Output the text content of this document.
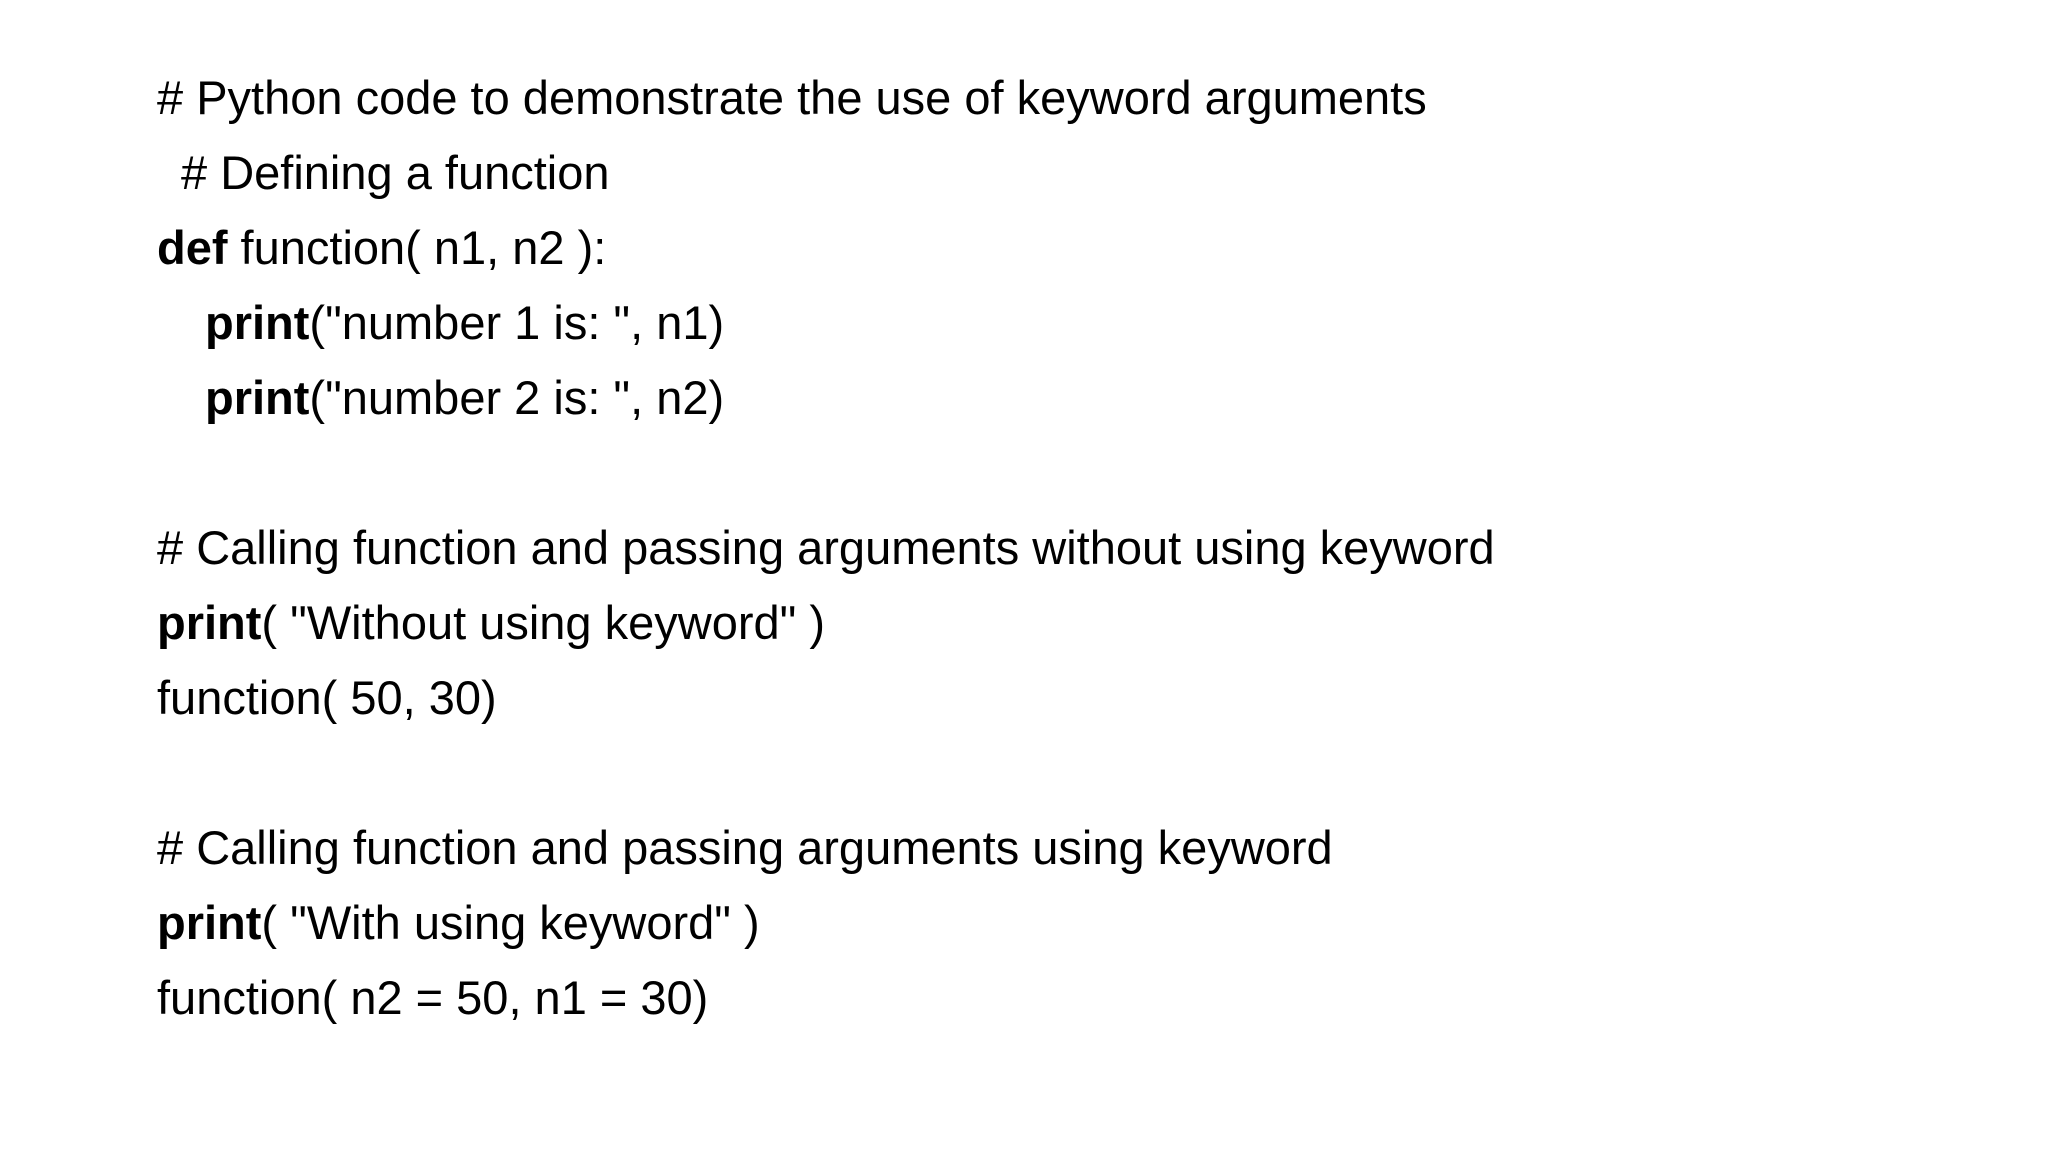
# Python code to demonstrate the use of keyword arguments
# Defining a function
def function( n1, n2 ):
print("number 1 is: ", n1)
print("number 2 is: ", n2)
# Calling function and passing arguments without using keyword
print( "Without using keyword" )
function( 50, 30)
# Calling function and passing arguments using keyword
print( "With using keyword" )
function( n2 = 50, n1 = 30)
